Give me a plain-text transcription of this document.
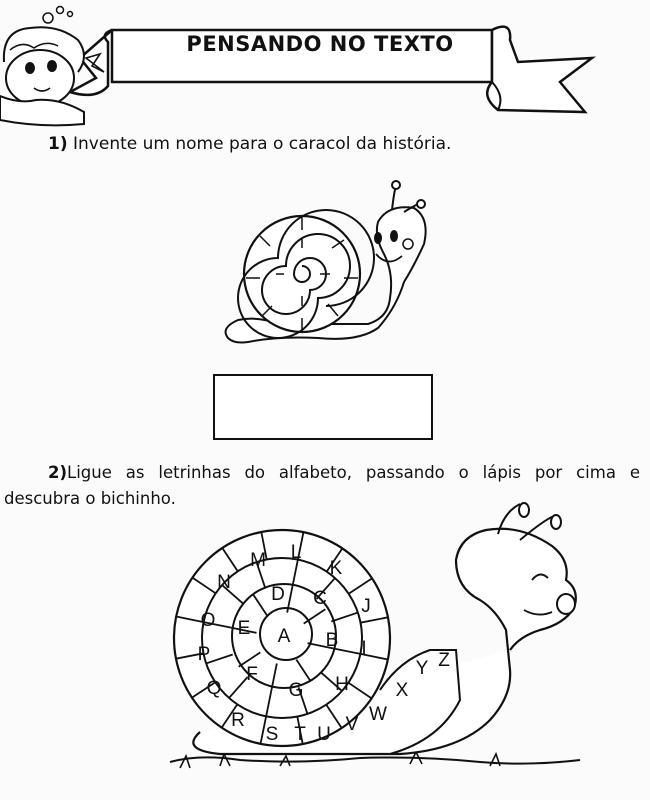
PENSANDO NO TEXTO
1) Invente um nome para o caracol da história.
2)Ligue as letrinhas do alfabeto, passando o lápis por cima e
descubra o bichinho.
A B
C
D
E
F
G H
I
J
K
L
M
N
O
P
Q
R
S T U V W
X
Y Z
